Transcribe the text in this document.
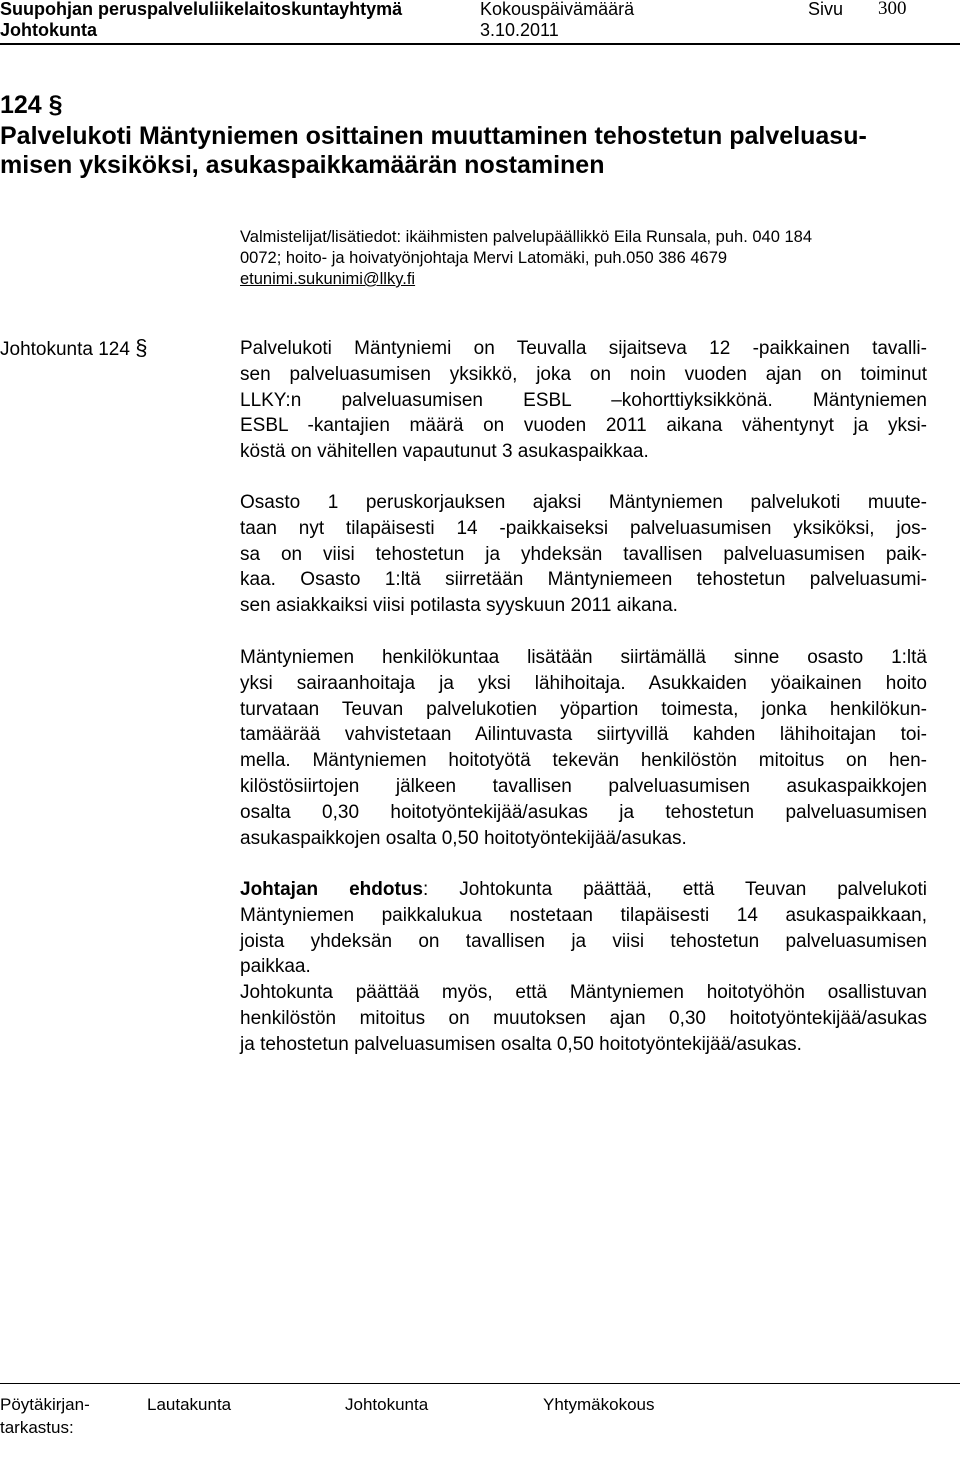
Suupohjan peruspalveluliikelaitoskuntayhtymä	Kokouspäivämäärä	Sivu 300
Johtokunta	3.10.2011
124 §
Palvelukoti Mäntyniemen osittainen muuttaminen tehostetun palveluasu-
misen yksiköksi, asukaspaikkamäärän nostaminen
Valmistelijat/lisätiedot: ikäihmisten palvelupäällikkö Eila Runsala, puh. 040 184
0072; hoito- ja hoivatyönjohtaja Mervi Latomäki, puh.050 386 4679
etunimi.sukunimi@llky.fi
Johtokunta 124 §	Palvelukoti Mäntyniemi on Teuvalla sijaitseva 12 -paikkainen tavalli-
sen palveluasumisen yksikkö, joka on noin vuoden ajan on toiminut
LLKY:n palveluasumisen ESBL –kohorttiyksikkönä. Mäntyniemen
ESBL -kantajien määrä on vuoden 2011 aikana vähentynyt ja yksi-
köstä on vähitellen vapautunut 3 asukaspaikkaa.
Osasto 1 peruskorjauksen ajaksi Mäntyniemen palvelukoti muute-
taan nyt tilapäisesti 14 -paikkaiseksi palveluasumisen yksiköksi, jos-
sa on viisi tehostetun ja yhdeksän tavallisen palveluasumisen paik-
kaa. Osasto 1:ltä siirretään Mäntyniemeen tehostetun palveluasumi-
sen asiakkaiksi viisi potilasta syyskuun 2011 aikana.
Mäntyniemen henkilökuntaa lisätään siirtämällä sinne osasto 1:ltä
yksi sairaanhoitaja ja yksi lähihoitaja. Asukkaiden yöaikainen hoito
turvataan Teuvan palvelukotien yöpartion toimesta, jonka henkilökun-
tamäärää vahvistetaan Ailintuvasta siirtyvillä kahden lähihoitajan toi-
mella. Mäntyniemen hoitotyötä tekevän henkilöstön mitoitus on hen-
kilöstösiirtojen jälkeen tavallisen palveluasumisen asukaspaikkojen
osalta 0,30 hoitotyöntekijää/asukas ja tehostetun palveluasumisen
asukaspaikkojen osalta 0,50 hoitotyöntekijää/asukas.
Johtajan ehdotus: Johtokunta päättää, että Teuvan palvelukoti
Mäntyniemen paikkalukua nostetaan tilapäisesti 14 asukaspaikkaan,
joista yhdeksän on tavallisen ja viisi tehostetun palveluasumisen
paikkaa.
Johtokunta päättää myös, että Mäntyniemen hoitotyöhön osallistuvan
henkilöstön mitoitus on muutoksen ajan 0,30 hoitotyöntekijää/asukas
ja tehostetun palveluasumisen osalta 0,50 hoitotyöntekijää/asukas.
Pöytäkirjan-
tarkastus:
Lautakunta	Johtokunta	Yhtymäkokous
